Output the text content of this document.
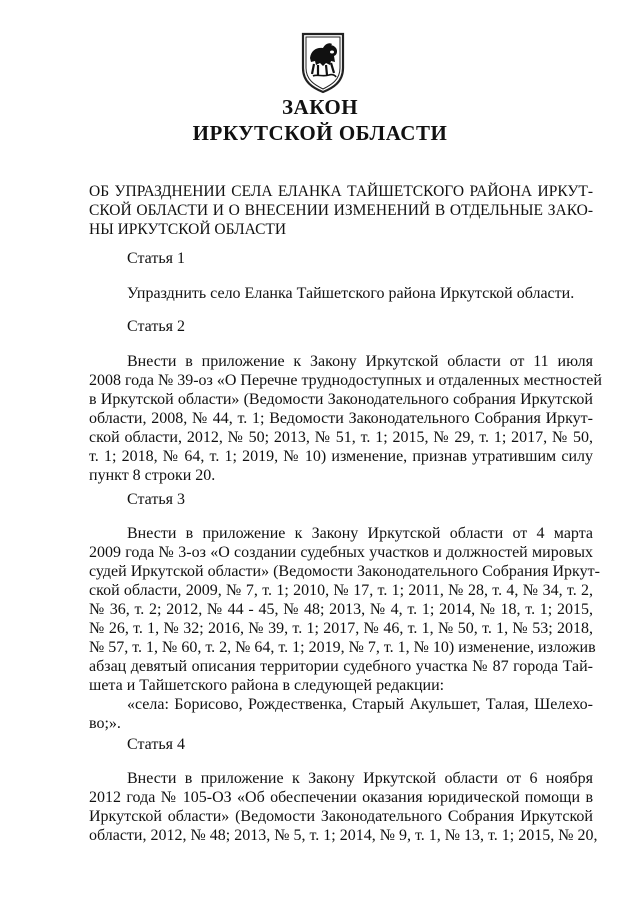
ЗАКОН
ИРКУТСКОЙ ОБЛАСТИ
ОБ УПРАЗДНЕНИИ СЕЛА ЕЛАНКА ТАЙШЕТСКОГО РАЙОНА ИРКУТ-
СКОЙ ОБЛАСТИ И О ВНЕСЕНИИ ИЗМЕНЕНИЙ В ОТДЕЛЬНЫЕ ЗАКО-
НЫ ИРКУТСКОЙ ОБЛАСТИ
Статья 1
Упразднить село Еланка Тайшетского района Иркутской области.
Статья 2
Внести в приложение к Закону Иркутской области от 11 июля
2008 года № 39-оз «О Перечне труднодоступных и отдаленных местностей
в Иркутской области» (Ведомости Законодательного собрания Иркутской
области, 2008, № 44, т. 1; Ведомости Законодательного Собрания Иркут-
ской области, 2012, № 50; 2013, № 51, т. 1; 2015, № 29, т. 1; 2017, № 50,
т. 1; 2018, № 64, т. 1; 2019, № 10) изменение, признав утратившим силу
пункт 8 строки 20.
Статья 3
Внести в приложение к Закону Иркутской области от 4 марта
2009 года № 3-оз «О создании судебных участков и должностей мировых
судей Иркутской области» (Ведомости Законодательного Собрания Иркут-
ской области, 2009, № 7, т. 1; 2010, № 17, т. 1; 2011, № 28, т. 4, № 34, т. 2,
№ 36, т. 2; 2012, № 44 - 45, № 48; 2013, № 4, т. 1; 2014, № 18, т. 1; 2015,
№ 26, т. 1, № 32; 2016, № 39, т. 1; 2017, № 46, т. 1, № 50, т. 1, № 53; 2018,
№ 57, т. 1, № 60, т. 2, № 64, т. 1; 2019, № 7, т. 1, № 10) изменение, изложив
абзац девятый описания территории судебного участка № 87 города Тай-
шета и Тайшетского района в следующей редакции:
«села: Борисово, Рождественка, Старый Акульшет, Талая, Шелехо-
во;».
Статья 4
Внести в приложение к Закону Иркутской области от 6 ноября
2012 года № 105-ОЗ «Об обеспечении оказания юридической помощи в
Иркутской области» (Ведомости Законодательного Собрания Иркутской
области, 2012, № 48; 2013, № 5, т. 1; 2014, № 9, т. 1, № 13, т. 1; 2015, № 20,
